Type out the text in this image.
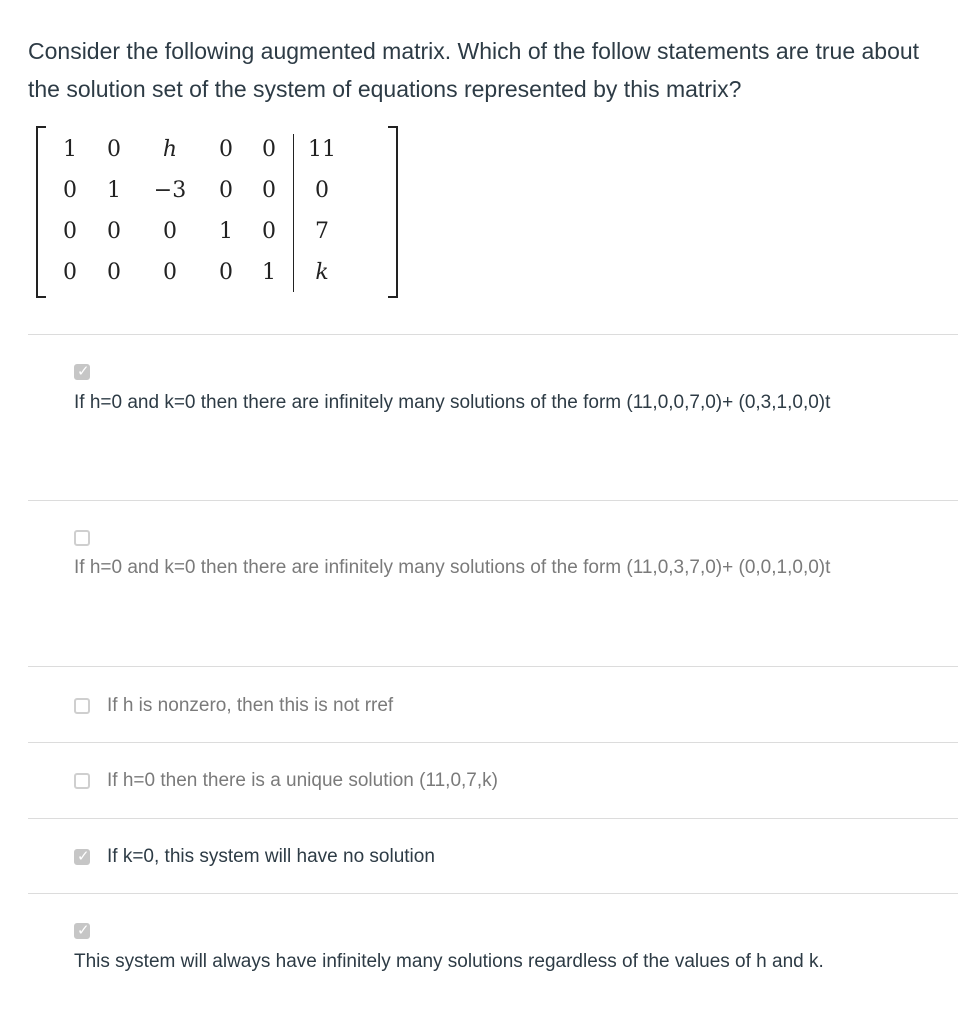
Consider the following augmented matrix. Which of the follow statements are true about the solution set of the system of equations represented by this matrix?
1	0	h	0	0	11
0	1	−3	0	0	0
0	0	0	1	0	7
0	0	0	0	1	k
✓
If h=0 and k=0 then there are infinitely many solutions of the form (11,0,0,7,0)+ (0,3,1,0,0)t
If h=0 and k=0 then there are infinitely many solutions of the form (11,0,3,7,0)+ (0,0,1,0,0)t
If h is nonzero, then this is not rref
If h=0 then there is a unique solution (11,0,7,k)
✓ If k=0, this system will have no solution
✓
This system will always have infinitely many solutions regardless of the values of h and k.
